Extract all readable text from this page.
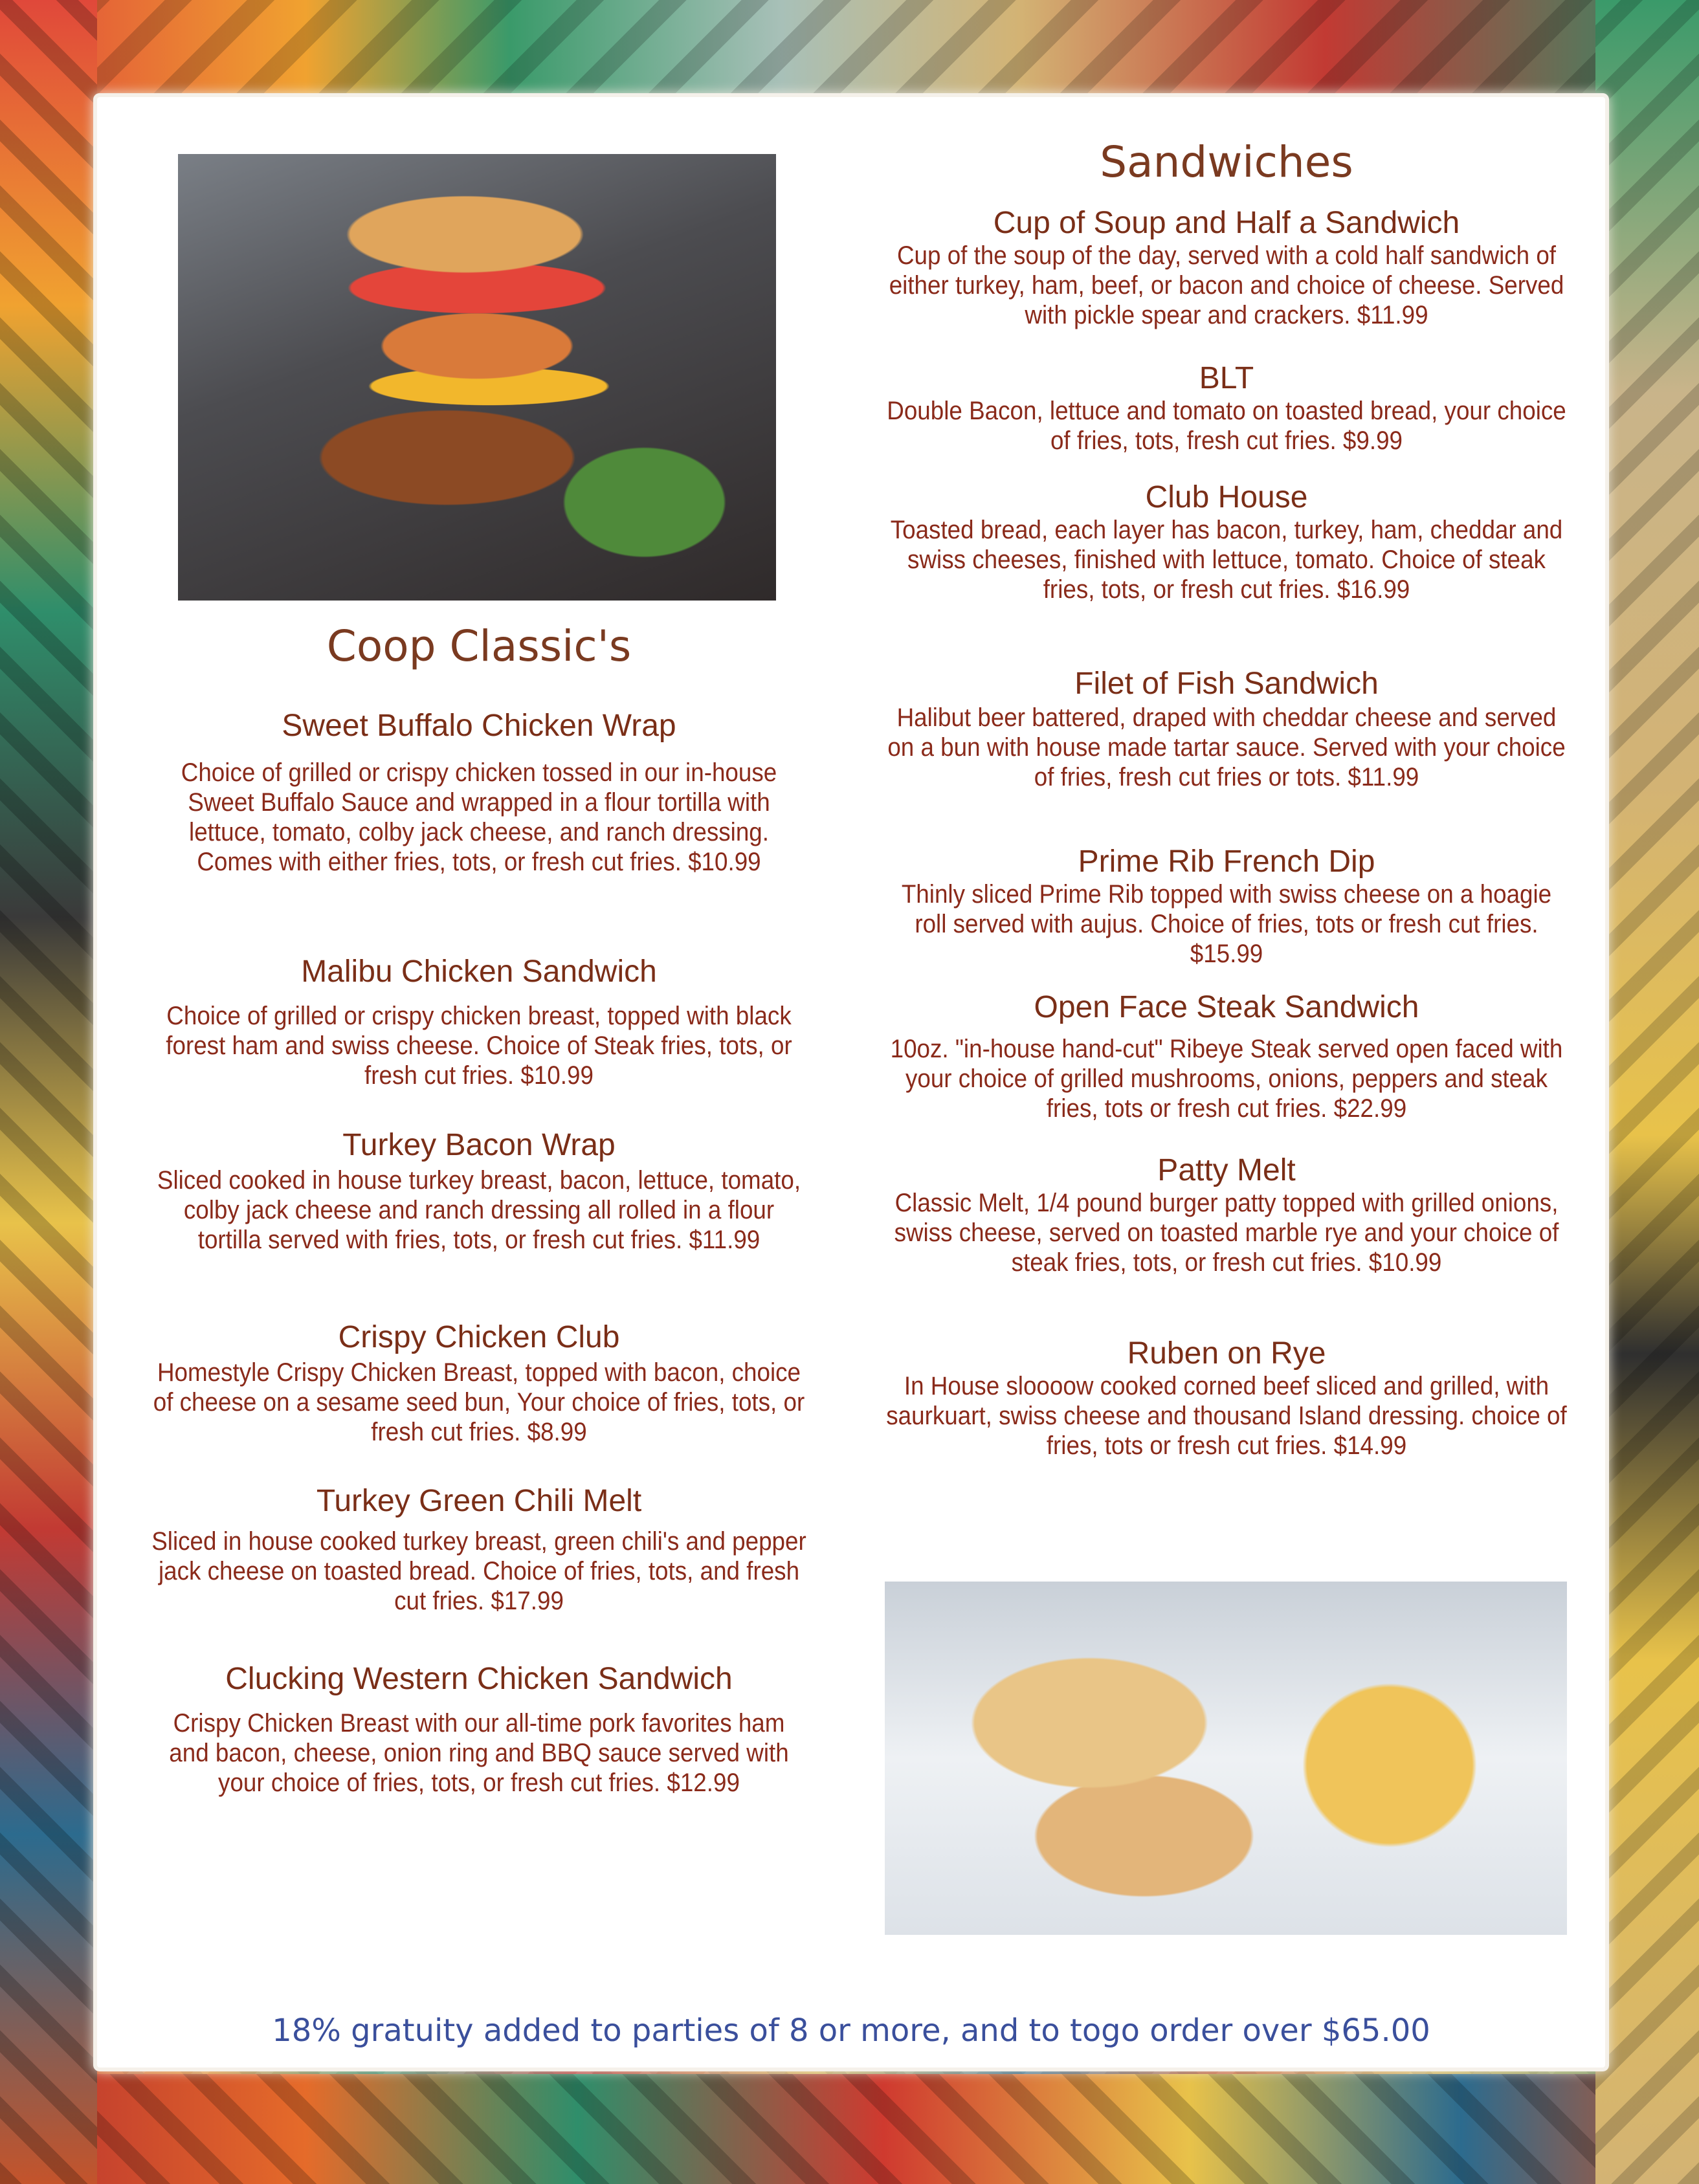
Coop Classic's

Sweet Buffalo Chicken Wrap

Choice of grilled or crispy chicken tossed in our in-house Sweet Buffalo Sauce and wrapped in a flour tortilla with lettuce, tomato, colby jack cheese, and ranch dressing. Comes with either fries, tots, or fresh cut fries. $10.99

Malibu Chicken Sandwich

Choice of grilled or crispy chicken breast, topped with black forest ham and swiss cheese. Choice of Steak fries, tots, or fresh cut fries. $10.99

Turkey Bacon Wrap

Sliced cooked in house turkey breast, bacon, lettuce, tomato, colby jack cheese and ranch dressing all rolled in a flour tortilla served with fries, tots, or fresh cut fries. $11.99

Crispy Chicken Club

Homestyle Crispy Chicken Breast, topped with bacon, choice of cheese on a sesame seed bun, Your choice of fries, tots, or fresh cut fries. $8.99

Turkey Green Chili Melt

Sliced in house cooked turkey breast, green chili's and pepper jack cheese on toasted bread. Choice of fries, tots, and fresh cut fries. $17.99

Clucking Western Chicken Sandwich

Crispy Chicken Breast with our all-time pork favorites ham and bacon, cheese, onion ring and BBQ sauce served with your choice of fries, tots, or fresh cut fries. $12.99

Sandwiches

Cup of Soup and Half a Sandwich

Cup of the soup of the day, served with a cold half sandwich of either turkey, ham, beef, or bacon and choice of cheese. Served with pickle spear and crackers. $11.99

BLT

Double Bacon, lettuce and tomato on toasted bread, your choice of fries, tots, fresh cut fries. $9.99

Club House

Toasted bread, each layer has bacon, turkey, ham, cheddar and swiss cheeses, finished with lettuce, tomato. Choice of steak fries, tots, or fresh cut fries. $16.99

Filet of Fish Sandwich

Halibut beer battered, draped with cheddar cheese and served on a bun with house made tartar sauce. Served with your choice of fries, fresh cut fries or tots. $11.99

Prime Rib French Dip

Thinly sliced Prime Rib topped with swiss cheese on a hoagie roll served with aujus. Choice of fries, tots or fresh cut fries. $15.99

Open Face Steak Sandwich

10oz. "in-house hand-cut" Ribeye Steak served open faced with your choice of grilled mushrooms, onions, peppers and steak fries, tots or fresh cut fries. $22.99

Patty Melt

Classic Melt, 1/4 pound burger patty topped with grilled onions, swiss cheese, served on toasted marble rye and your choice of steak fries, tots, or fresh cut fries. $10.99

Ruben on Rye

In House sloooow cooked corned beef sliced and grilled, with saurkuart, swiss cheese and thousand Island dressing. choice of fries, tots or fresh cut fries. $14.99

18% gratuity added to parties of 8 or more, and to togo order over $65.00
